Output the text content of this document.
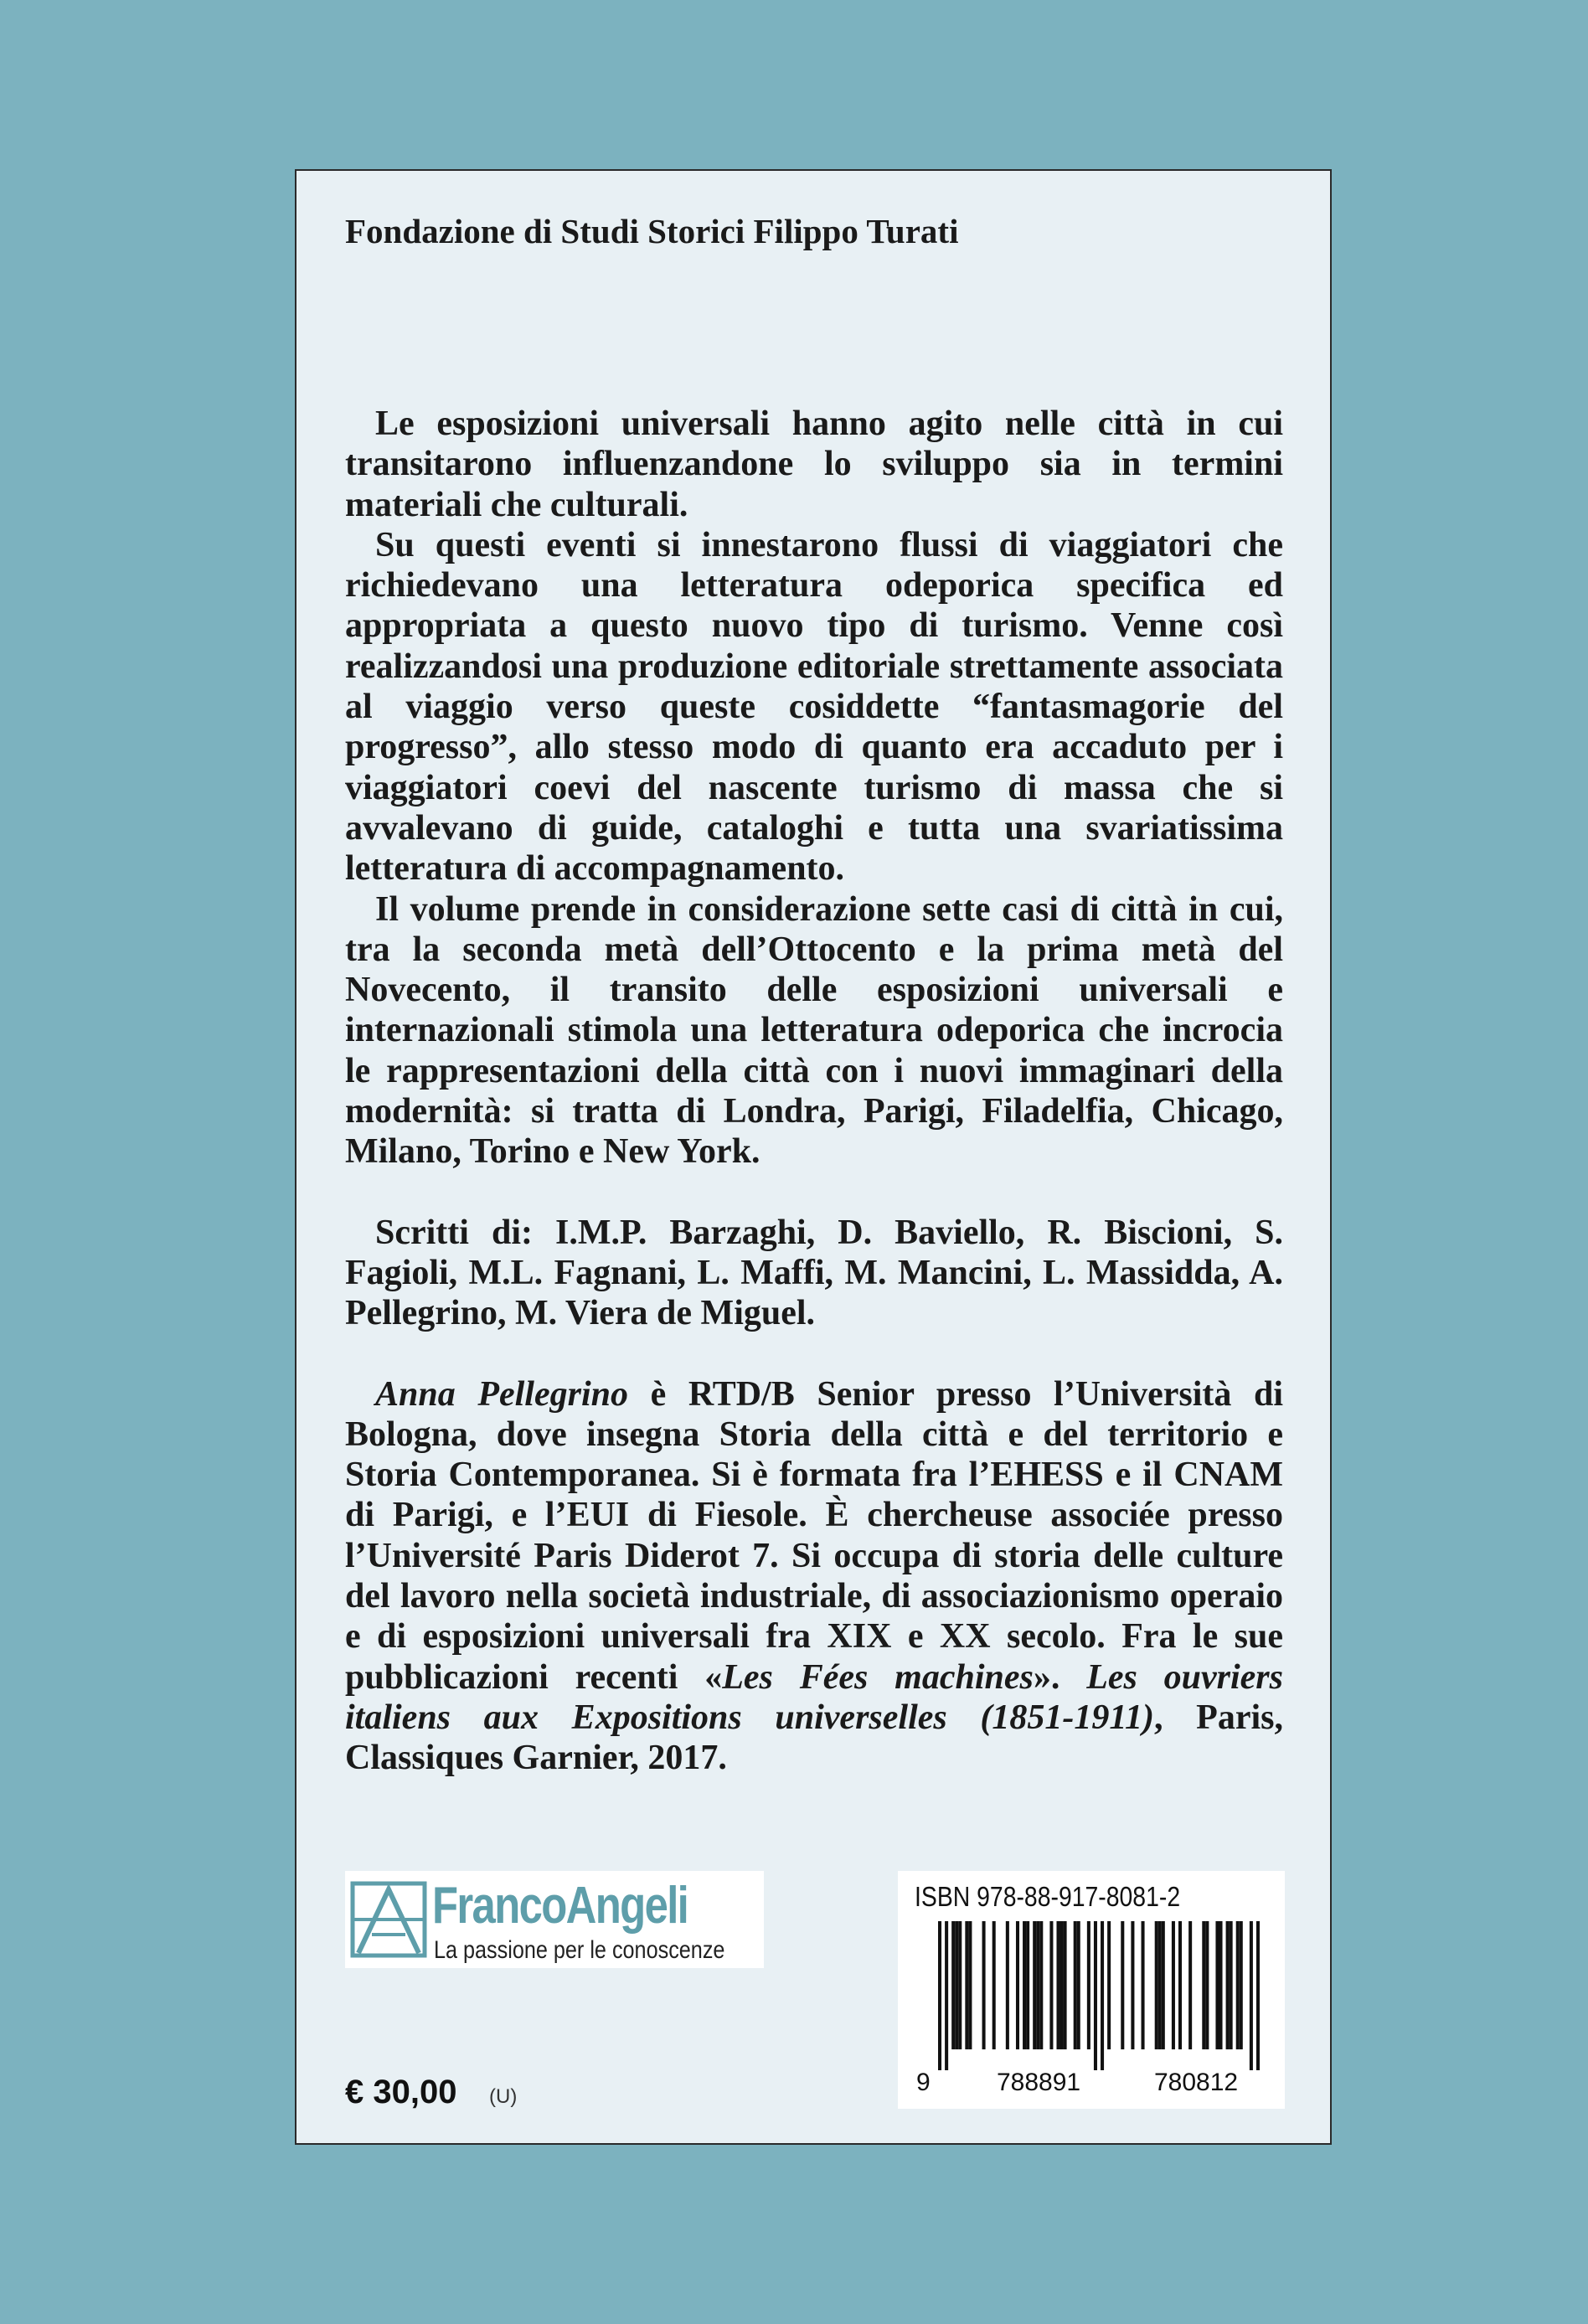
Fondazione di Studi Storici Filippo Turati

Le esposizioni universali hanno agito nelle città in cui transitarono influenzandone lo sviluppo sia in termini materiali che culturali.

Su questi eventi si innestarono flussi di viaggiatori che richiedevano una letteratura odeporica specifica ed appropriata a questo nuovo tipo di turismo. Venne così realizzandosi una produzione editoriale strettamente associata al viaggio verso queste cosiddette “fantasmagorie del progresso”, allo stesso modo di quanto era accaduto per i viaggiatori coevi del nascente turismo di massa che si avvalevano di guide, cataloghi e tutta una svariatissima letteratura di accompagnamento.

Il volume prende in considerazione sette casi di città in cui, tra la seconda metà dell’Ottocento e la prima metà del Novecento, il transito delle esposizioni universali e internazionali stimola una letteratura odeporica che incrocia le rappresentazioni della città con i nuovi immaginari della modernità: si tratta di Londra, Parigi, Filadelfia, Chicago, Milano, Torino e New York.

Scritti di: I.M.P. Barzaghi, D. Baviello, R. Biscioni, S. Fagioli, M.L. Fagnani, L. Maffi, M. Mancini, L. Massidda, A. Pellegrino, M. Viera de Miguel.

Anna Pellegrino è RTD/B Senior presso l’Università di Bologna, dove insegna Storia della città e del territorio e Storia Contemporanea. Si è formata fra l’EHESS e il CNAM di Parigi, e l’EUI di Fiesole. È chercheuse associée presso l’Université Paris Diderot 7. Si occupa di storia delle culture del lavoro nella società industriale, di associazionismo operaio e di esposizioni universali fra XIX e XX secolo. Fra le sue pubblicazioni recenti «Les Fées machines». Les ouvriers italiens aux Expositions universelles (1851-1911), Paris, Classiques Garnier, 2017.

FrancoAngeli
La passione per le conoscenze
ISBN 978-88-917-8081-2
9	788891	780812
€ 30,00 (U)
